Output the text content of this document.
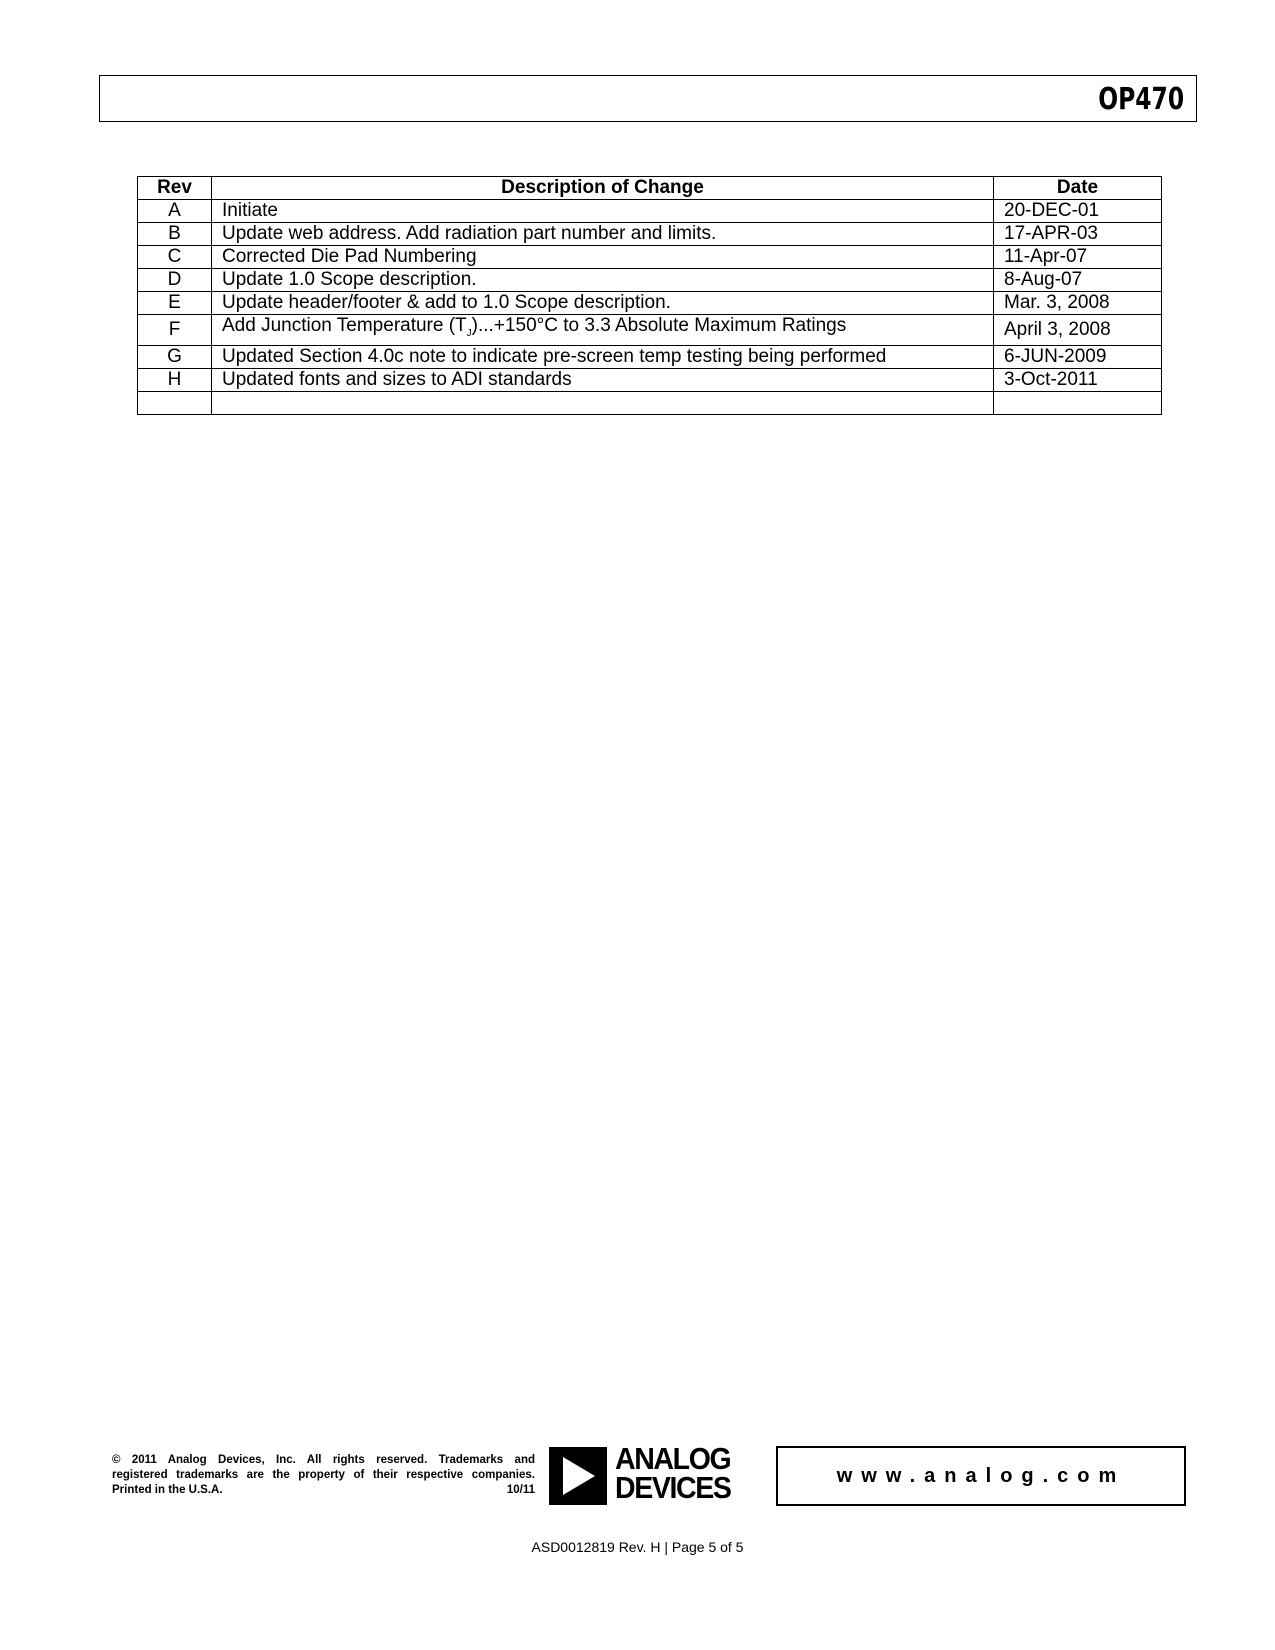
OP470
Rev	Description of Change	Date
A	Initiate	20-DEC-01
B	Update web address. Add radiation part number and limits.	17-APR-03
C	Corrected Die Pad Numbering	11-Apr-07
D	Update 1.0 Scope description.	8-Aug-07
E	Update header/footer & add to 1.0 Scope description.	Mar. 3, 2008
F	Add Junction Temperature $(T_J)...+150^\circ C$ to 3.3 Absolute Maximum Ratings	April 3, 2008
G	Updated Section 4.0c note to indicate pre-screen temp testing being performed	6-JUN-2009
H	Updated fonts and sizes to ADI standards	3-Oct-2011

© 2011 Analog Devices, Inc. All rights reserved. Trademarks and
registered trademarks are the property of their respective companies.
Printed in the U.S.A.	10/11
ANALOG
DEVICES	www.analog.com
ASD0012819 Rev. H | Page 5 of 5
